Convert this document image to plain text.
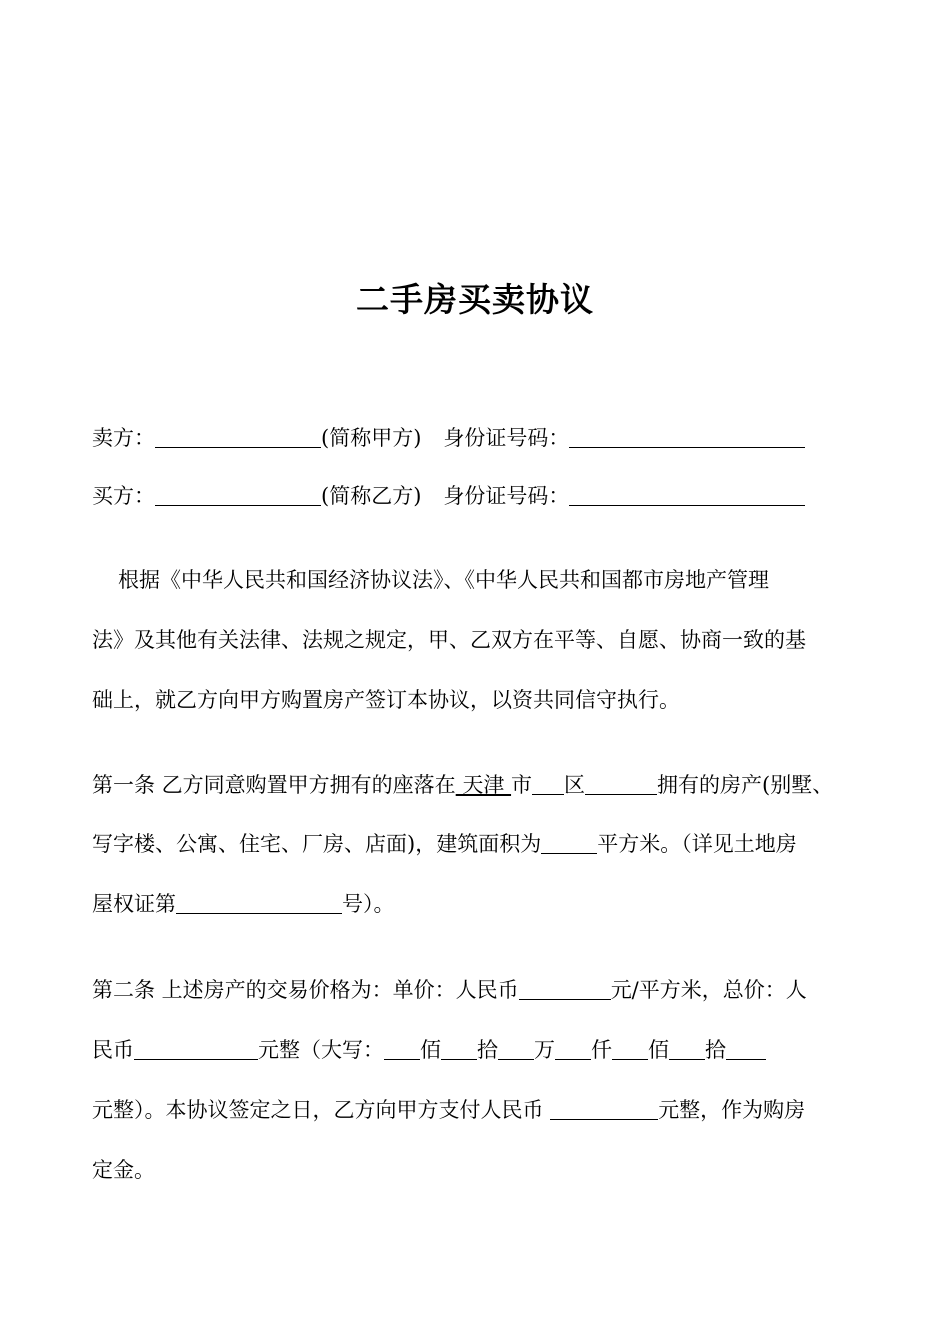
二手房买卖协议
卖方：	(简称甲方) 身份证号码：
买方：	(简称乙方) 身份证号码：
根据《中华人民共和国经济协议法》、《中华人民共和国都市房地产管理
法》及其他有关法律、法规之规定，甲、乙双方在平等、自愿、协商一致的基
础上，就乙方向甲方购置房产签订本协议，以资共同信守执行。
第一条 乙方同意购置甲方拥有的座落在 天津 市 区	拥有的房产(别墅、
写字楼、公寓、住宅、厂房、店面)，建筑面积为	平方米。（详见土地房
屋权证第	号）。
第二条 上述房产的交易价格为：单价：人民币	元/平方米，总价：人
民币	元整（大写： 佰 拾 万 仟 佰 拾
元整）。本协议签定之日，乙方向甲方支付人民币	元整，作为购房
定金。
